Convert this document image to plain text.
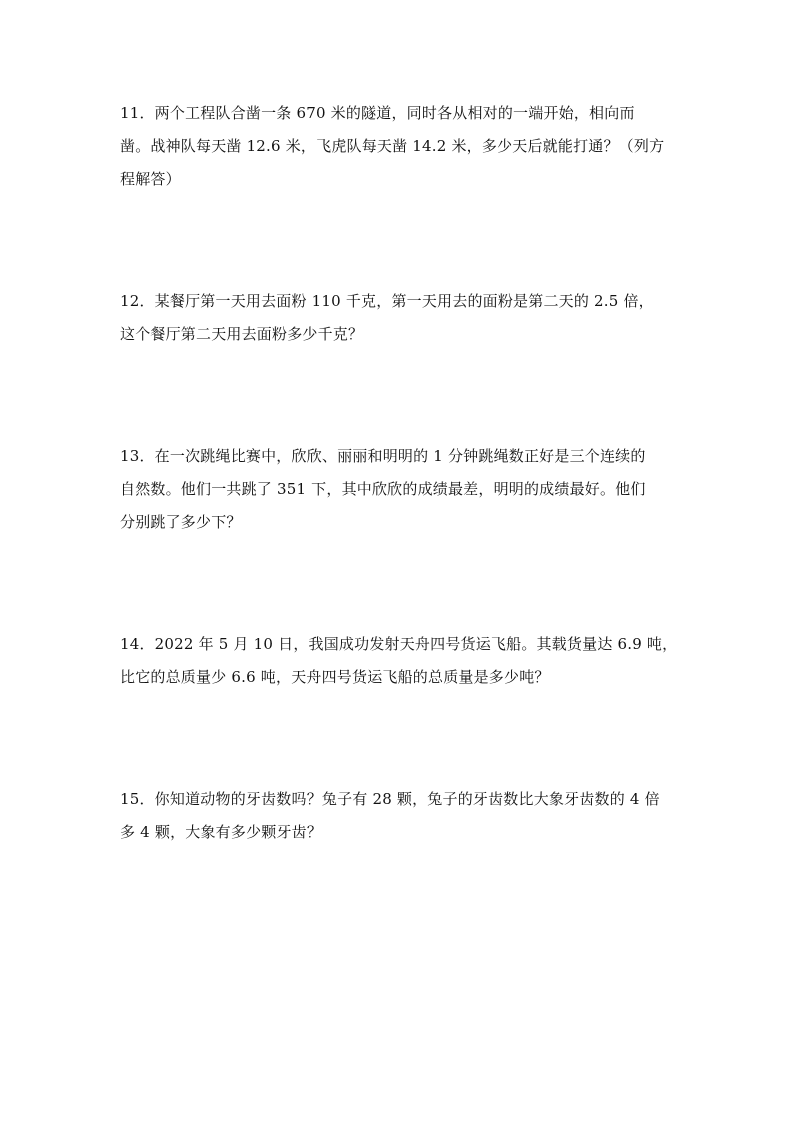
11．两个工程队合凿一条 670 米的隧道，同时各从相对的一端开始，相向而
凿。战神队每天凿 12.6 米，飞虎队每天凿 14.2 米，多少天后就能打通？（列方
程解答）
12．某餐厅第一天用去面粉 110 千克，第一天用去的面粉是第二天的 2.5 倍，
这个餐厅第二天用去面粉多少千克？
13．在一次跳绳比赛中，欣欣、丽丽和明明的 1 分钟跳绳数正好是三个连续的
自然数。他们一共跳了 351 下，其中欣欣的成绩最差，明明的成绩最好。他们
分别跳了多少下？
14．2022 年 5 月 10 日，我国成功发射天舟四号货运飞船。其载货量达 6.9 吨，
比它的总质量少 6.6 吨，天舟四号货运飞船的总质量是多少吨？
15．你知道动物的牙齿数吗？兔子有 28 颗，兔子的牙齿数比大象牙齿数的 4 倍
多 4 颗，大象有多少颗牙齿？
